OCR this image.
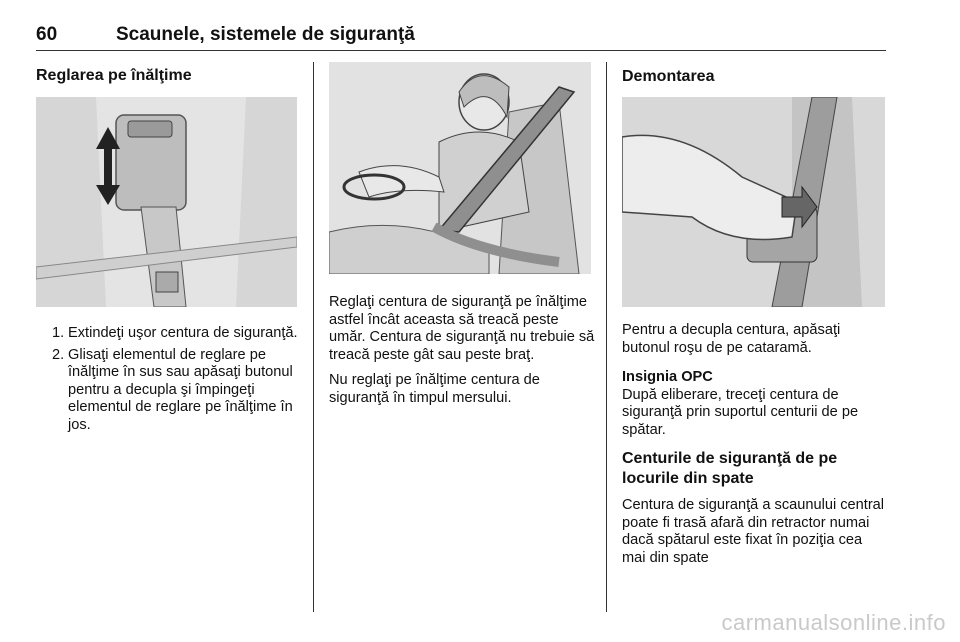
60	Scaunele, sistemele de siguranţă
Reglarea pe înălţime
1. Extindeţi uşor centura de siguranţă.
2. Glisaţi elementul de reglare pe înălţime în sus sau apăsaţi butonul pentru a decupla şi împingeţi elementul de reglare pe înălţime în jos.

Reglaţi centura de siguranţă pe înălţime astfel încât aceasta să treacă peste umăr. Centura de siguranţă nu trebuie să treacă peste gât sau peste braţ.

Nu reglaţi pe înălţime centura de siguranţă în timpul mersului.

Demontarea

Pentru a decupla centura, apăsaţi butonul roşu de pe cataramă.

Insignia OPC

După eliberare, treceţi centura de siguranţă prin suportul centurii de pe spătar.

Centurile de siguranţă de pe locurile din spate

Centura de siguranţă a scaunului central poate fi trasă afară din retractor numai dacă spătarul este fixat în poziţia cea mai din spate

carmanualsonline.info
